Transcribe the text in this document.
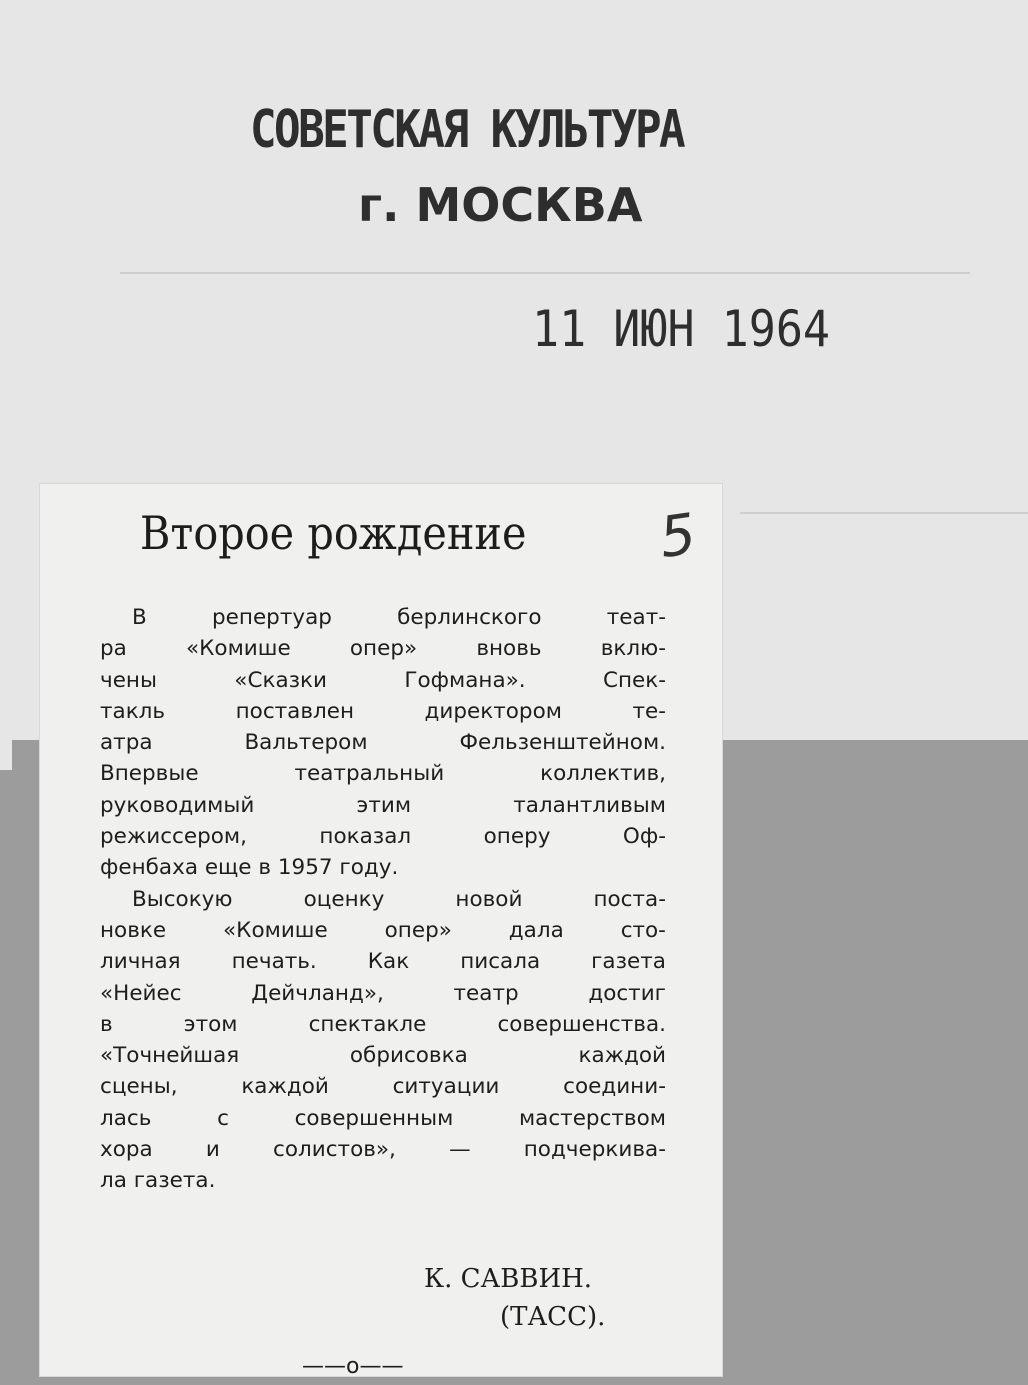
СОВЕТСКАЯ КУЛЬТУРА
г. МОСКВА
11 ИЮН 1964
Второе рождение 5
В	репертуар	берлинского	теат-
ра	«Комише	опер»	вновь	вклю-
чены	«Сказки	Гофмана».	Спек-
такль	поставлен	директором	те-
атра	Вальтером	Фельзенштейном.
Впервые	театральный	коллектив,
руководимый	этим	талантливым
режиссером,	показал	оперу	Оф-
фенбаха еще в 1957 году.
Высокую	оценку	новой	поста-
новке	«Комише	опер»	дала	сто-
личная печать. Как писала газета
«Нейес	Дейчланд»,	театр	достиг
в	этом	спектакле	совершенства.
«Точнейшая	обрисовка	каждой
сцены,	каждой	ситуации	соедини-
лась	с	совершенным	мастерством
хора и солистов», — подчеркива-
ла газета.
К. САВВИН.
(ТАСС).
——o——
